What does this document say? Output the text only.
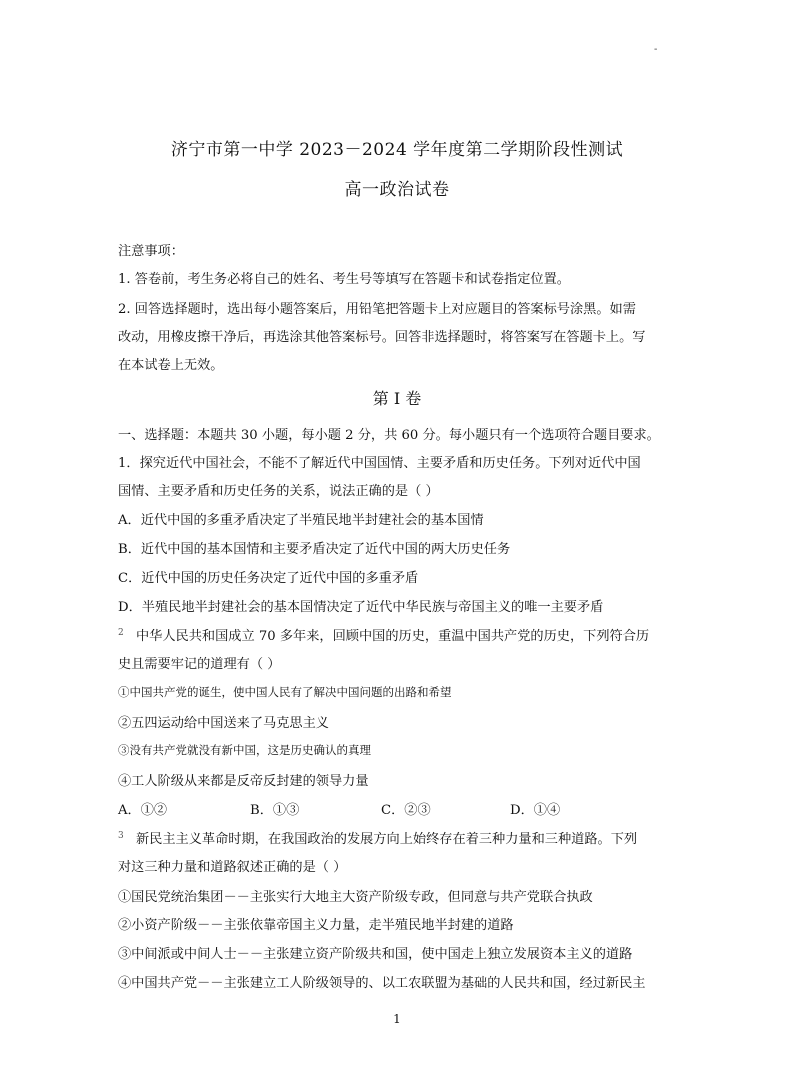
-
济宁市第一中学 2023－2024 学年度第二学期阶段性测试
高一政治试卷
注意事项：
1. 答卷前，考生务必将自己的姓名、考生号等填写在答题卡和试卷指定位置。
2. 回答选择题时，选出每小题答案后，用铅笔把答题卡上对应题目的答案标号涂黑。如需
改动，用橡皮擦干净后，再选涂其他答案标号。回答非选择题时，将答案写在答题卡上。写
在本试卷上无效。
第 I 卷
一、选择题：本题共 30 小题，每小题 2 分，共 60 分。每小题只有一个选项符合题目要求。
1．探究近代中国社会，不能不了解近代中国国情、主要矛盾和历史任务。下列对近代中国
国情、主要矛盾和历史任务的关系，说法正确的是（ ）
A．近代中国的多重矛盾决定了半殖民地半封建社会的基本国情
B．近代中国的基本国情和主要矛盾决定了近代中国的两大历史任务
C．近代中国的历史任务决定了近代中国的多重矛盾
D．半殖民地半封建社会的基本国情决定了近代中华民族与帝国主义的唯一主要矛盾
2 中华人民共和国成立 70 多年来，回顾中国的历史，重温中国共产党的历史，下列符合历
史且需要牢记的道理有（ ）
①中国共产党的诞生，使中国人民有了解决中国问题的出路和希望
②五四运动给中国送来了马克思主义
③没有共产党就没有新中国，这是历史确认的真理
④工人阶级从来都是反帝反封建的领导力量
A．①②	B．①③	C．②③	D．①④
3 新民主主义革命时期，在我国政治的发展方向上始终存在着三种力量和三种道路。下列
对这三种力量和道路叙述正确的是（ ）
①国民党统治集团－－主张实行大地主大资产阶级专政，但同意与共产党联合执政
②小资产阶级－－主张依靠帝国主义力量，走半殖民地半封建的道路
③中间派或中间人士－－主张建立资产阶级共和国，使中国走上独立发展资本主义的道路
④中国共产党－－主张建立工人阶级领导的、以工农联盟为基础的人民共和国，经过新民主
1
